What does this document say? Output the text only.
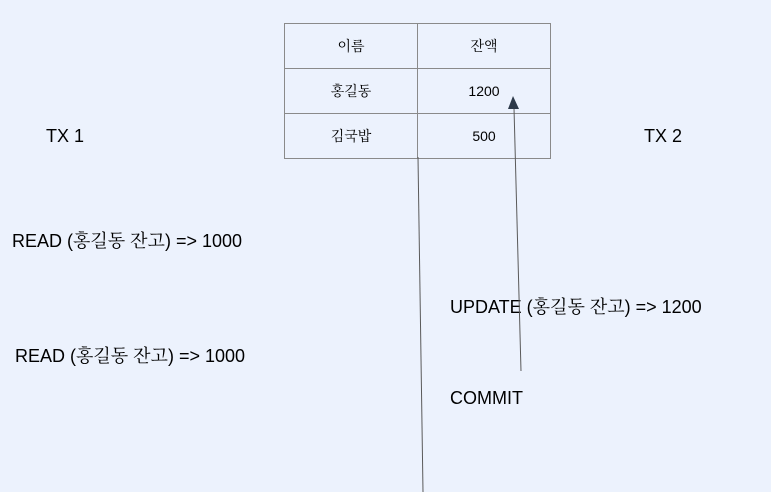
이름	잔액
홍길동	1200
김국밥	500
TX 1	TX 2
READ (홍길동 잔고) => 1000
READ (홍길동 잔고) => 1000
UPDATE (홍길동 잔고) => 1200
COMMIT
